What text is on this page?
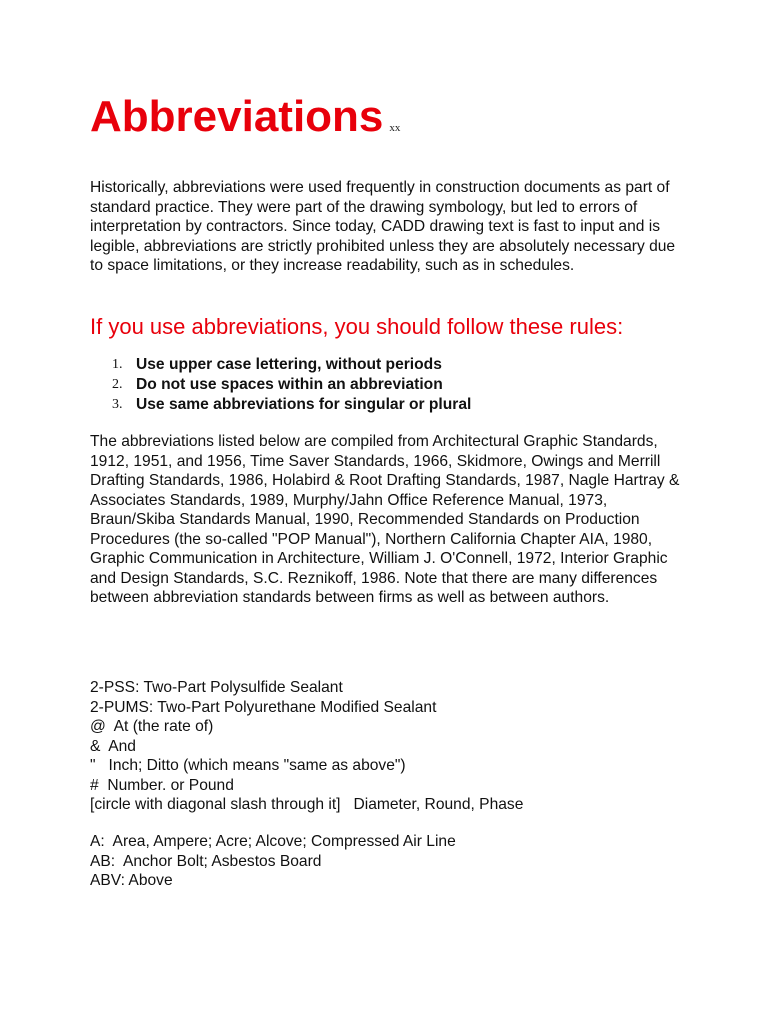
Abbreviations xx

Historically, abbreviations were used frequently in construction documents as part of standard practice. They were part of the drawing symbology, but led to errors of interpretation by contractors. Since today, CADD drawing text is fast to input and is legible, abbreviations are strictly prohibited unless they are absolutely necessary due to space limitations, or they increase readability, such as in schedules.

If you use abbreviations, you should follow these rules:
1. Use upper case lettering, without periods
2. Do not use spaces within an abbreviation
3. Use same abbreviations for singular or plural

The abbreviations listed below are compiled from Architectural Graphic Standards, 1912, 1951, and 1956, Time Saver Standards, 1966, Skidmore, Owings and Merrill Drafting Standards, 1986, Holabird & Root Drafting Standards, 1987, Nagle Hartray & Associates Standards, 1989, Murphy/Jahn Office Reference Manual, 1973, Braun/Skiba Standards Manual, 1990, Recommended Standards on Production Procedures (the so-called "POP Manual"), Northern California Chapter AIA, 1980, Graphic Communication in Architecture, William J. O'Connell, 1972, Interior Graphic and Design Standards, S.C. Reznikoff, 1986. Note that there are many differences between abbreviation standards between firms as well as between authors.

2-PSS: Two-Part Polysulfide Sealant
2-PUMS: Two-Part Polyurethane Modified Sealant
@  At (the rate of)
&  And
"   Inch; Ditto (which means "same as above")
#  Number. or Pound
[circle with diagonal slash through it]   Diameter, Round, Phase
A:  Area, Ampere; Acre; Alcove; Compressed Air Line
AB:  Anchor Bolt; Asbestos Board
ABV: Above
